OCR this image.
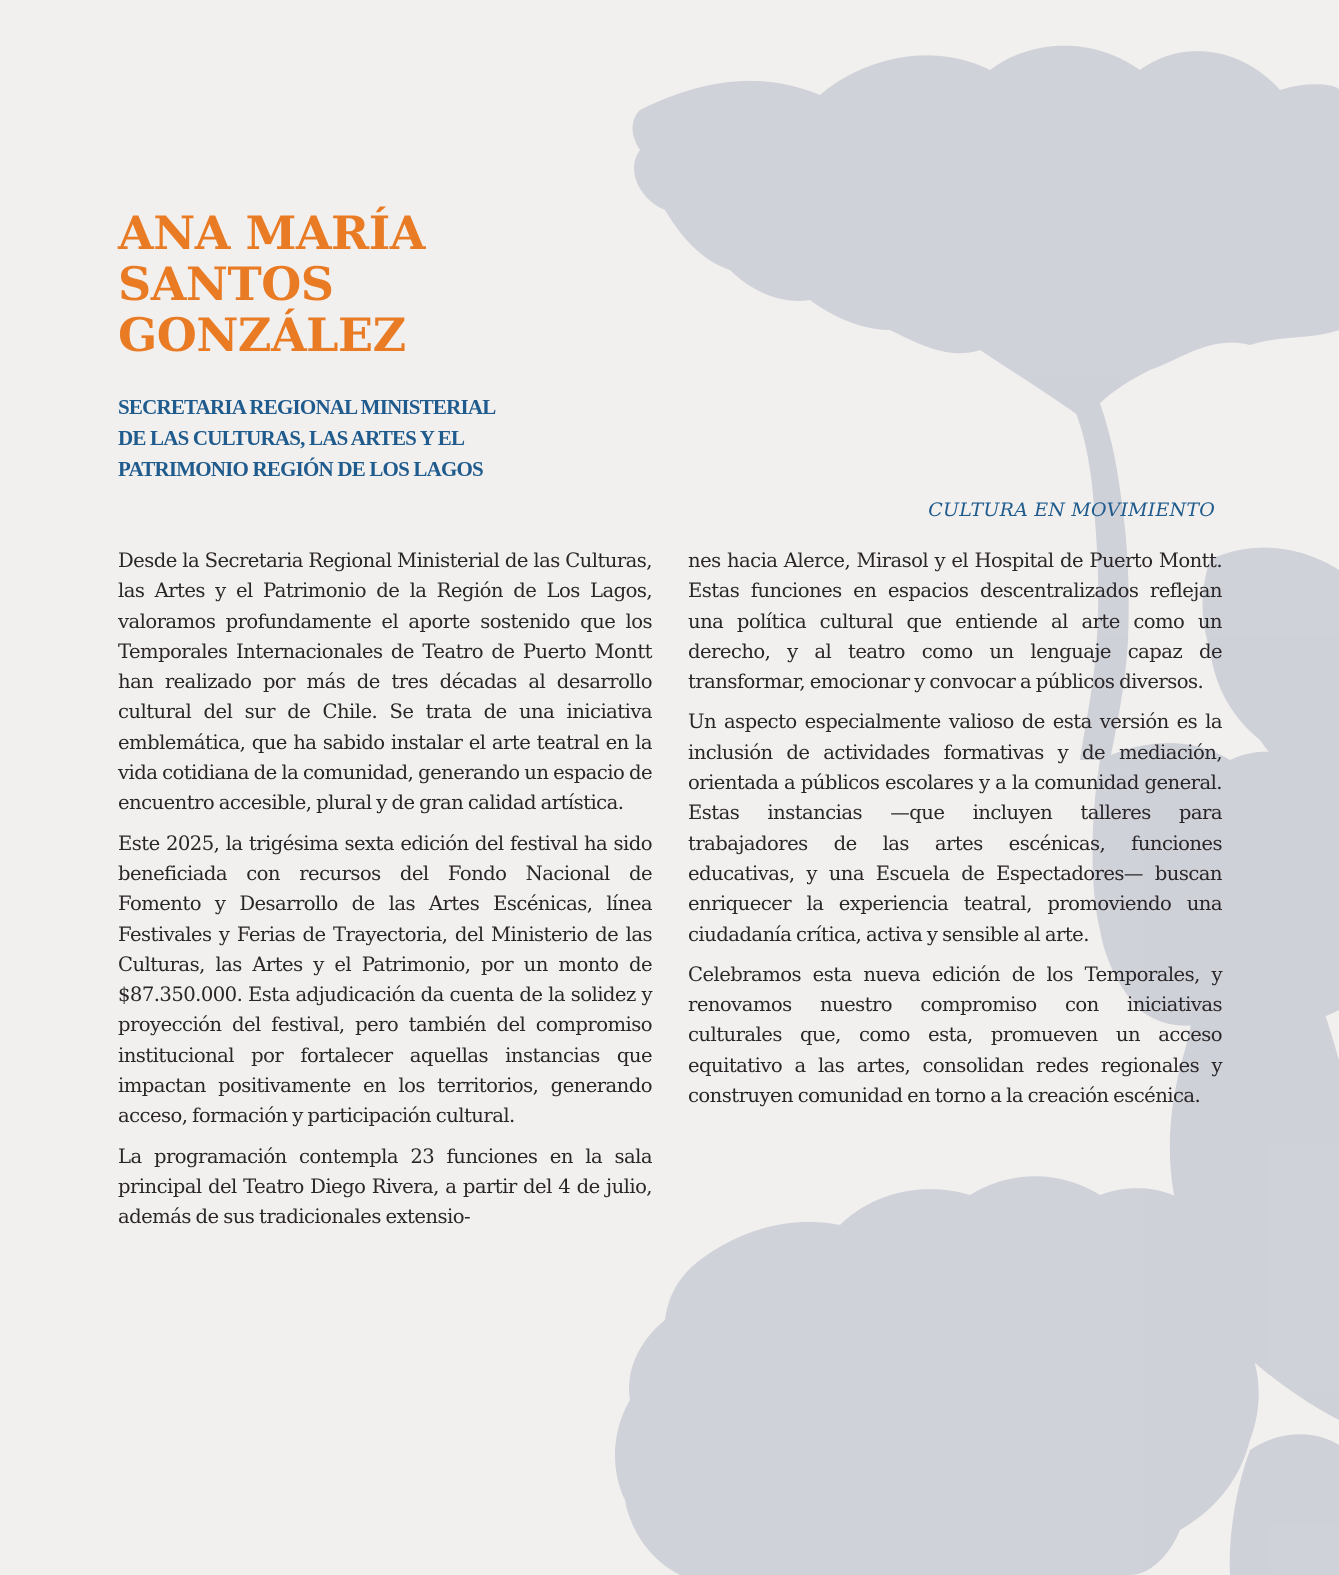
ANA MARÍA
SANTOS
GONZÁLEZ
SECRETARIA REGIONAL MINISTERIAL
DE LAS CULTURAS, LAS ARTES Y EL
PATRIMONIO REGIÓN DE LOS LAGOS
CULTURA EN MOVIMIENTO

Desde la Secretaria Regional Ministerial de las Culturas, las Artes y el Patrimonio de la Región de Los Lagos, valoramos profundamente el aporte sostenido que los Temporales Internacionales de Teatro de Puerto Montt han realizado por más de tres décadas al desarrollo cultural del sur de Chile. Se trata de una iniciativa emblemática, que ha sabido instalar el arte teatral en la vida cotidiana de la comunidad, generando un espacio de encuentro accesible, plural y de gran calidad artística.

Este 2025, la trigésima sexta edición del festival ha sido beneficiada con recursos del Fondo Nacional de Fomento y Desarrollo de las Artes Escénicas, línea Festivales y Ferias de Trayectoria, del Ministerio de las Culturas, las Artes y el Patrimonio, por un monto de $87.350.000. Esta adjudicación da cuenta de la solidez y proyección del festival, pero también del compromiso institucional por fortalecer aquellas instancias que impactan positivamente en los territorios, generando acceso, formación y participación cultural.

La programación contempla 23 funciones en la sala principal del Teatro Diego Rivera, a partir del 4 de julio, además de sus tradicionales extensio-

nes hacia Alerce, Mirasol y el Hospital de Puerto Montt. Estas funciones en espacios descentralizados reflejan una política cultural que entiende al arte como un derecho, y al teatro como un lenguaje capaz de transformar, emocionar y convocar a públicos diversos.

Un aspecto especialmente valioso de esta versión es la inclusión de actividades formativas y de mediación, orientada a públicos escolares y a la comunidad general. Estas instancias —que incluyen talleres para trabajadores de las artes escénicas, funciones educativas, y una Escuela de Espectadores— buscan enriquecer la experiencia teatral, promoviendo una ciudadanía crítica, activa y sensible al arte.

Celebramos esta nueva edición de los Temporales, y renovamos nuestro compromiso con iniciativas culturales que, como esta, promueven un acceso equitativo a las artes, consolidan redes regionales y construyen comunidad en torno a la creación escénica.
